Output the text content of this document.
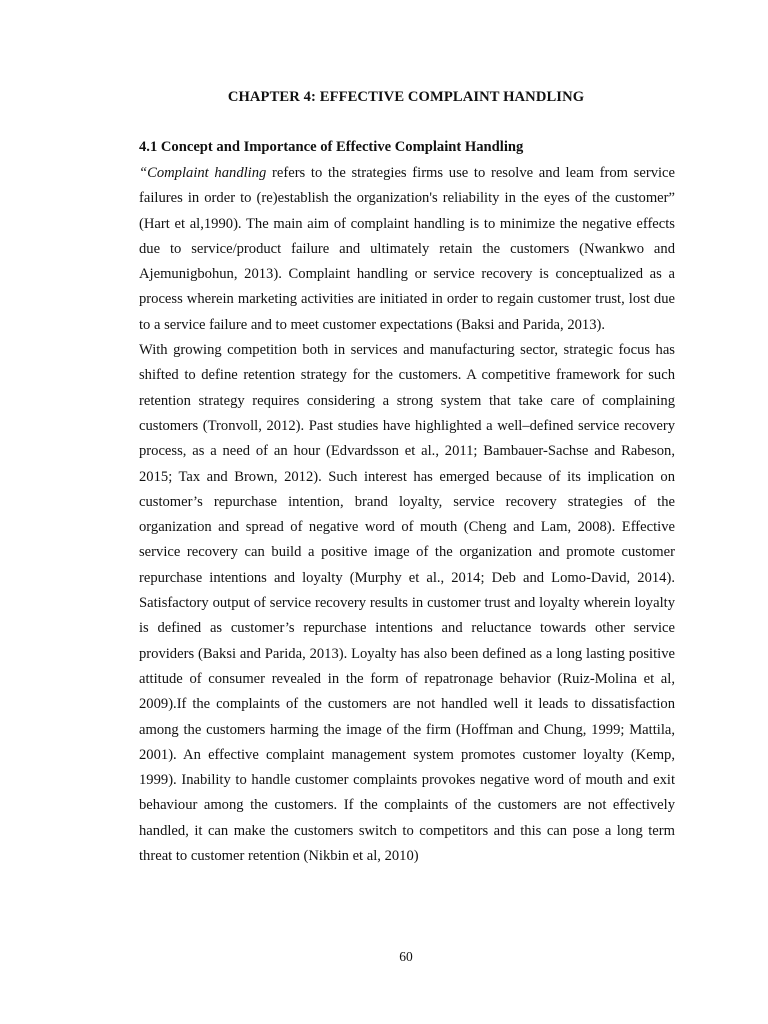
CHAPTER 4: EFFECTIVE COMPLAINT HANDLING
4.1 Concept and Importance of Effective Complaint Handling

“Complaint handling refers to the strategies firms use to resolve and leam from service failures in order to (re)establish the organization's reliability in the eyes of the customer” (Hart et al,1990). The main aim of complaint handling is to minimize the negative effects due to service/product failure and ultimately retain the customers (Nwankwo and Ajemunigbohun, 2013). Complaint handling or service recovery is conceptualized as a process wherein marketing activities are initiated in order to regain customer trust, lost due to a service failure and to meet customer expectations (Baksi and Parida, 2013).

With growing competition both in services and manufacturing sector, strategic focus has shifted to define retention strategy for the customers. A competitive framework for such retention strategy requires considering a strong system that take care of complaining customers (Tronvoll, 2012). Past studies have highlighted a well–defined service recovery process, as a need of an hour (Edvardsson et al., 2011; Bambauer-Sachse and Rabeson, 2015; Tax and Brown, 2012). Such interest has emerged because of its implication on customer’s repurchase intention, brand loyalty, service recovery strategies of the organization and spread of negative word of mouth (Cheng and Lam, 2008). Effective service recovery can build a positive image of the organization and promote customer repurchase intentions and loyalty (Murphy et al., 2014; Deb and Lomo-David, 2014). Satisfactory output of service recovery results in customer trust and loyalty wherein loyalty is defined as customer’s repurchase intentions and reluctance towards other service providers (Baksi and Parida, 2013). Loyalty has also been defined as a long lasting positive attitude of consumer revealed in the form of repatronage behavior (Ruiz-Molina et al, 2009).If the complaints of the customers are not handled well it leads to dissatisfaction among the customers harming the image of the firm (Hoffman and Chung, 1999; Mattila, 2001). An effective complaint management system promotes customer loyalty (Kemp, 1999). Inability to handle customer complaints provokes negative word of mouth and exit behaviour among the customers. If the complaints of the customers are not effectively handled, it can make the customers switch to competitors and this can pose a long term threat to customer retention (Nikbin et al, 2010)

60
